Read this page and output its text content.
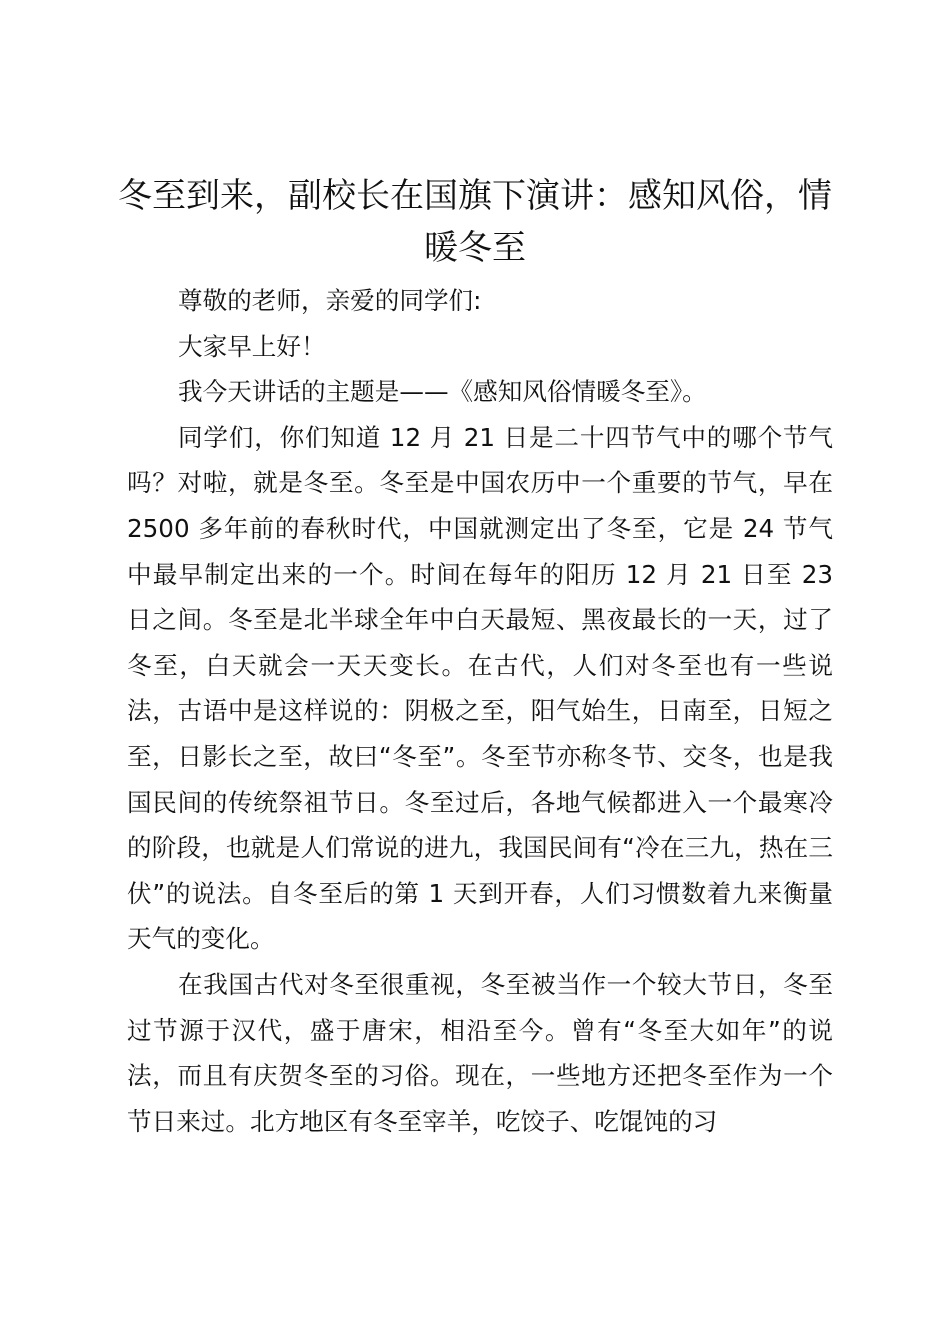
冬至到来，副校长在国旗下演讲：感知风俗，情暖冬至

尊敬的老师，亲爱的同学们:

大家早上好！

我今天讲话的主题是——《感知风俗情暖冬至》。

同学们，你们知道 12 月 21 日是二十四节气中的哪个节气吗？对啦，就是冬至。冬至是中国农历中一个重要的节气，早在 2500 多年前的春秋时代，中国就测定出了冬至，它是 24 节气中最早制定出来的一个。时间在每年的阳历 12 月 21 日至 23 日之间。冬至是北半球全年中白天最短、黑夜最长的一天，过了冬至，白天就会一天天变长。在古代，人们对冬至也有一些说法，古语中是这样说的：阴极之至，阳气始生，日南至，日短之至，日影长之至，故曰“冬至”。冬至节亦称冬节、交冬，也是我国民间的传统祭祖节日。冬至过后，各地气候都进入一个最寒冷的阶段，也就是人们常说的进九，我国民间有“冷在三九，热在三伏”的说法。自冬至后的第 1 天到开春，人们习惯数着九来衡量天气的变化。

在我国古代对冬至很重视，冬至被当作一个较大节日，冬至过节源于汉代，盛于唐宋，相沿至今。曾有“冬至大如年”的说法，而且有庆贺冬至的习俗。现在，一些地方还把冬至作为一个节日来过。北方地区有冬至宰羊，吃饺子、吃馄饨的习
